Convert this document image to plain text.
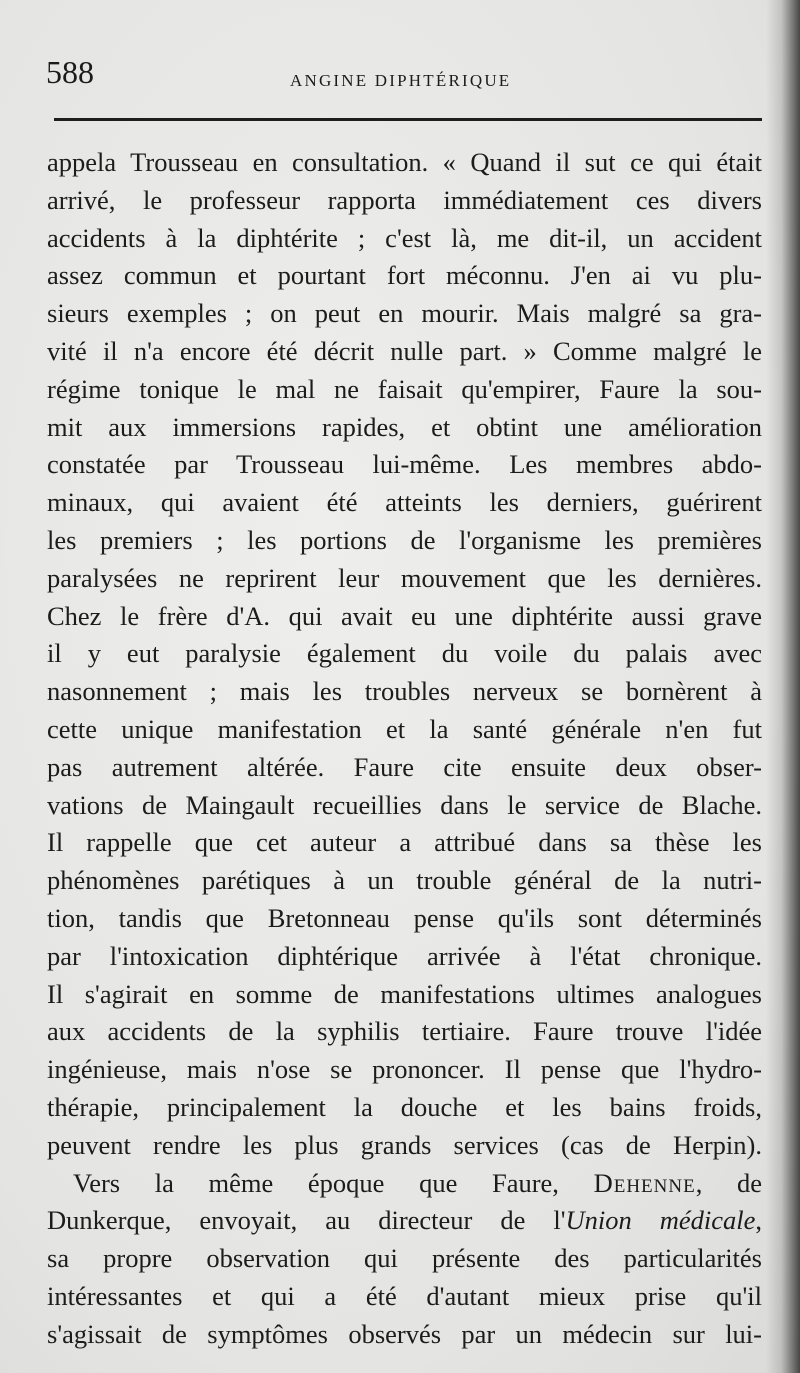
588	ANGINE DIPHTÉRIQUE
appela Trousseau en consultation. « Quand il sut ce qui était
arrivé, le professeur rapporta immédiatement ces divers
accidents à la diphtérite ; c'est là, me dit-il, un accident
assez commun et pourtant fort méconnu. J'en ai vu plu-
sieurs exemples ; on peut en mourir. Mais malgré sa gra-
vité il n'a encore été décrit nulle part. » Comme malgré le
régime tonique le mal ne faisait qu'empirer, Faure la sou-
mit aux immersions rapides, et obtint une amélioration
constatée par Trousseau lui-même. Les membres abdo-
minaux, qui avaient été atteints les derniers, guérirent
les premiers ; les portions de l'organisme les premières
paralysées ne reprirent leur mouvement que les dernières.
Chez le frère d'A. qui avait eu une diphtérite aussi grave
il y eut paralysie également du voile du palais avec
nasonnement ; mais les troubles nerveux se bornèrent à
cette unique manifestation et la santé générale n'en fut
pas autrement altérée. Faure cite ensuite deux obser-
vations de Maingault recueillies dans le service de Blache.
Il rappelle que cet auteur a attribué dans sa thèse les
phénomènes parétiques à un trouble général de la nutri-
tion, tandis que Bretonneau pense qu'ils sont déterminés
par l'intoxication diphtérique arrivée à l'état chronique.
Il s'agirait en somme de manifestations ultimes analogues
aux accidents de la syphilis tertiaire. Faure trouve l'idée
ingénieuse, mais n'ose se prononcer. Il pense que l'hydro-
thérapie, principalement la douche et les bains froids,
peuvent rendre les plus grands services (cas de Herpin).
Vers la même époque que Faure, Dehenne, de
Dunkerque, envoyait, au directeur de l'Union médicale,
sa propre observation qui présente des particularités
intéressantes et qui a été d'autant mieux prise qu'il
s'agissait de symptômes observés par un médecin sur lui-
